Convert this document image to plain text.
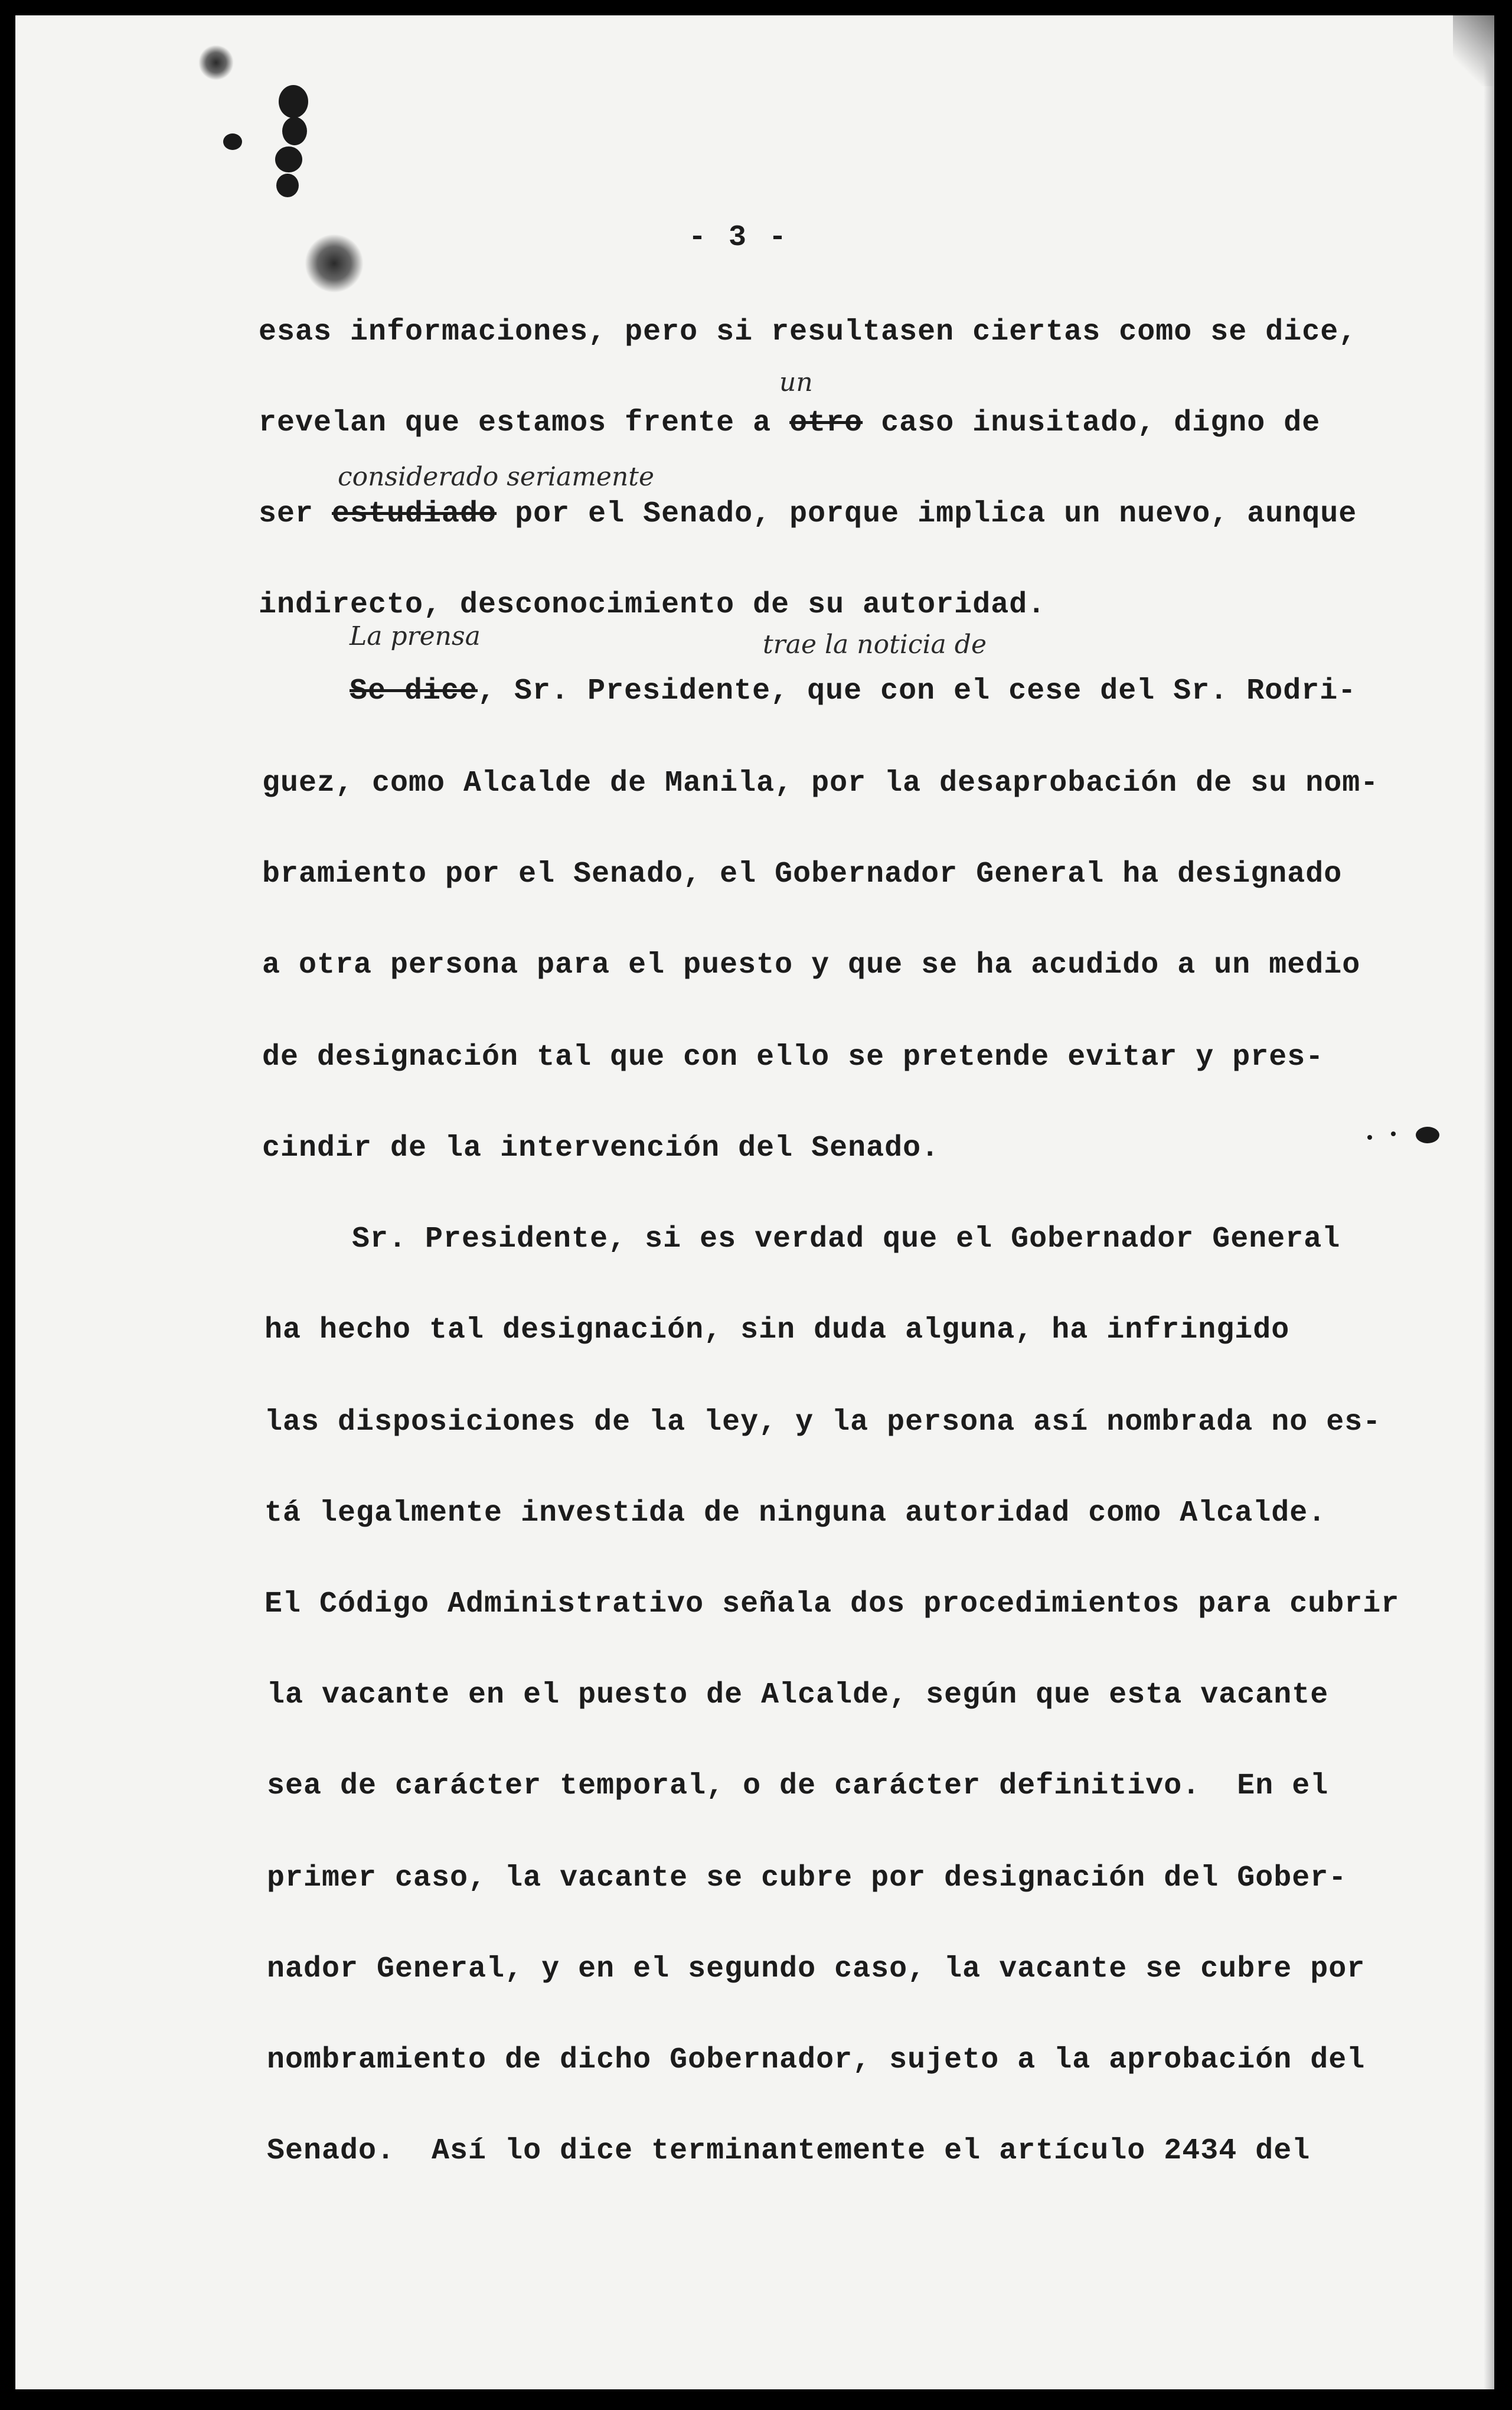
- 3 -
esas informaciones, pero si resultasen ciertas como se dice,
un
revelan que estamos frente a otro caso inusitado, digno de
considerado seriamente
ser estudiado por el Senado, porque implica un nuevo, aunque
indirecto, desconocimiento de su autoridad.
La prensa	trae la noticia de
Se dice, Sr. Presidente, que con el cese del Sr. Rodri-
guez, como Alcalde de Manila, por la desaprobación de su nom-
bramiento por el Senado, el Gobernador General ha designado
a otra persona para el puesto y que se ha acudido a un medio
de designación tal que con ello se pretende evitar y pres-
cindir de la intervención del Senado.
Sr. Presidente, si es verdad que el Gobernador General
ha hecho tal designación, sin duda alguna, ha infringido
las disposiciones de la ley, y la persona así nombrada no es-
tá legalmente investida de ninguna autoridad como Alcalde.
El Código Administrativo señala dos procedimientos para cubrir
la vacante en el puesto de Alcalde, según que esta vacante
sea de carácter temporal, o de carácter definitivo.  En el
primer caso, la vacante se cubre por designación del Gober-
nador General, y en el segundo caso, la vacante se cubre por
nombramiento de dicho Gobernador, sujeto a la aprobación del
Senado.  Así lo dice terminantemente el artículo 2434 del
